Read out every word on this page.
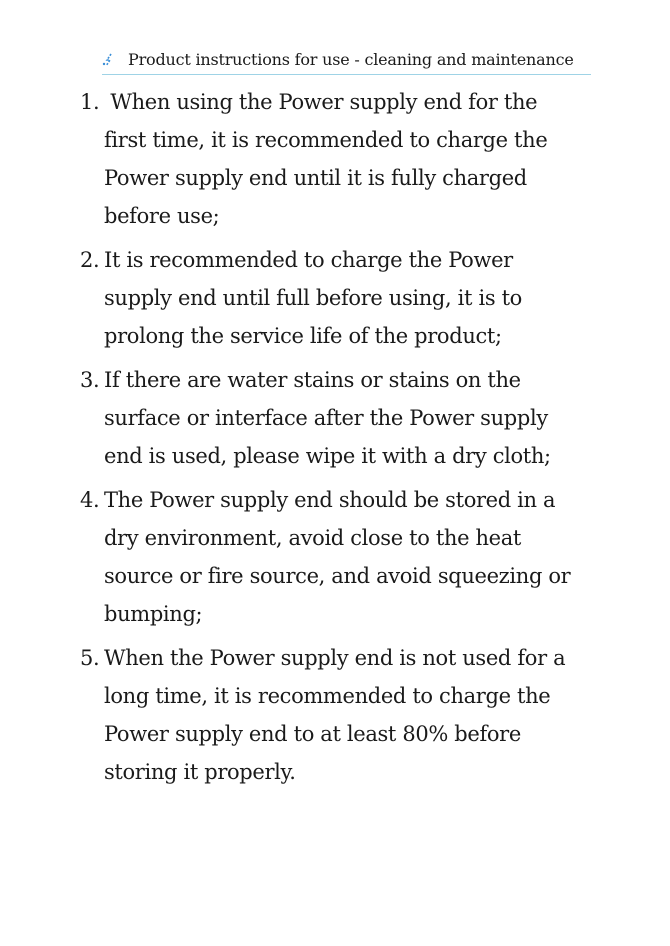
Product instructions for use - cleaning and maintenance
1. When using the Power supply end for the first time, it is recommended to charge the Power supply end until it is fully charged before use;
2. It is recommended to charge the Power supply end until full before using, it is to prolong the service life of the product;
3. If there are water stains or stains on the surface or interface after the Power supply end is used, please wipe it with a dry cloth;
4. The Power supply end should be stored in a dry environment, avoid close to the heat source or fire source, and avoid squeezing or bumping;
5. When the Power supply end is not used for a long time, it is recommended to charge the Power supply end to at least 80% before storing it properly.
